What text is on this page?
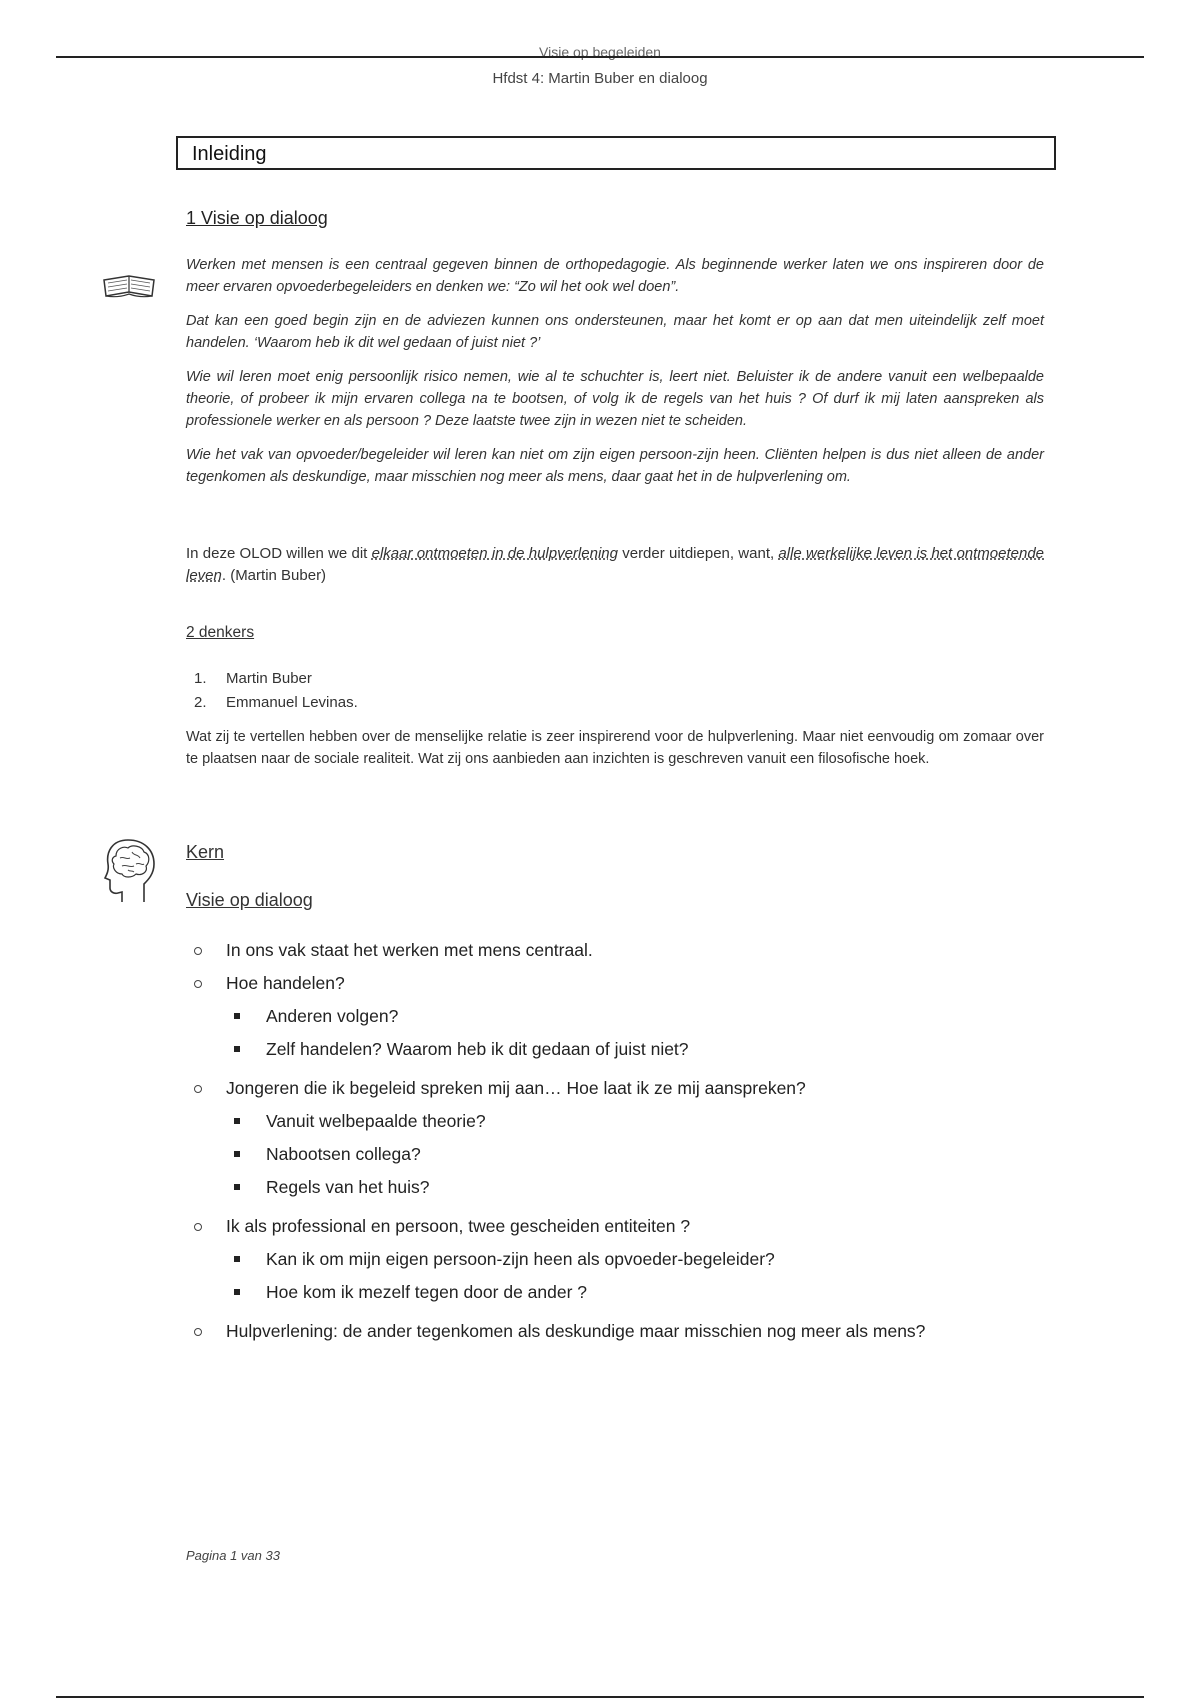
Visie op begeleiden
Hfdst 4: Martin Buber en dialoog
Inleiding
1 Visie op dialoog

Werken met mensen is een centraal gegeven binnen de orthopedagogie. Als beginnende werker laten we ons inspireren door de meer ervaren opvoederbegeleiders en denken we: “Zo wil het ook wel doen”.

Dat kan een goed begin zijn en de adviezen kunnen ons ondersteunen, maar het komt er op aan dat men uiteindelijk zelf moet handelen. ‘Waarom heb ik dit wel gedaan of juist niet ?’

Wie wil leren moet enig persoonlijk risico nemen, wie al te schuchter is, leert niet. Beluister ik de andere vanuit een welbepaalde theorie, of probeer ik mijn ervaren collega na te bootsen, of volg ik de regels van het huis ? Of durf ik mij laten aanspreken als professionele werker en als persoon ? Deze laatste twee zijn in wezen niet te scheiden.

Wie het vak van opvoeder/begeleider wil leren kan niet om zijn eigen persoon-zijn heen. Cliënten helpen is dus niet alleen de ander tegenkomen als deskundige, maar misschien nog meer als mens, daar gaat het in de hulpverlening om.

In deze OLOD willen we dit elkaar ontmoeten in de hulpverlening verder uitdiepen, want, alle werkelijke leven is het ontmoetende leven. (Martin Buber)

2 denkers
1. Martin Buber
2. Emmanuel Levinas.

Wat zij te vertellen hebben over de menselijke relatie is zeer inspirerend voor de hulpverlening. Maar niet eenvoudig om zomaar over te plaatsen naar de sociale realiteit. Wat zij ons aanbieden aan inzichten is geschreven vanuit een filosofische hoek.

Kern
Visie op dialoog
In ons vak staat het werken met mens centraal.
Hoe handelen?
Anderen volgen?
Zelf handelen? Waarom heb ik dit gedaan of juist niet?
Jongeren die ik begeleid spreken mij aan… Hoe laat ik ze mij aanspreken?
Vanuit welbepaalde theorie?
Nabootsen collega?
Regels van het huis?
Ik als professional en persoon, twee gescheiden entiteiten ?
Kan ik om mijn eigen persoon-zijn heen als opvoeder-begeleider?
Hoe kom ik mezelf tegen door de ander ?
Hulpverlening: de ander tegenkomen als deskundige maar misschien nog meer als mens?
Pagina 1 van 33
